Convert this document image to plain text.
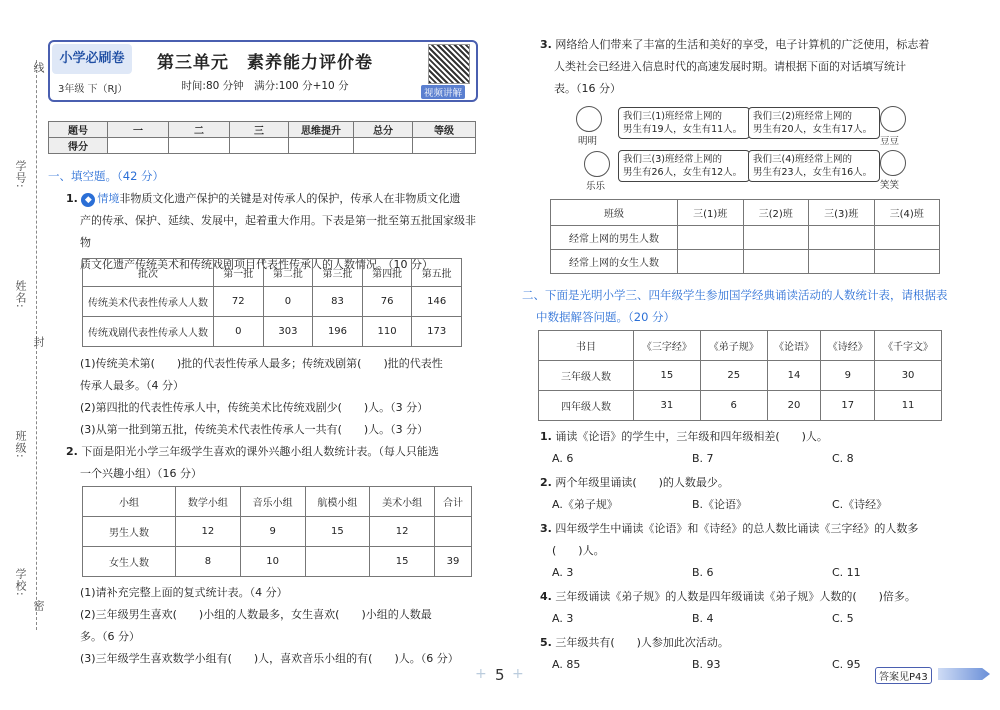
线
学号:
姓名:
封
班级:
学校:
密
小学必刷卷
3年级 下（RJ）
第三单元　素养能力评价卷
时间:80 分钟　满分:100 分+10 分
视频讲解
题号	一	二	三	思维提升	总分	等级
得分						
一、填空题。（42 分）
1. ◆ 情境非物质文化遗产保护的关键是对传承人的保护，传承人在非物质文化遗
产的传承、保护、延续、发展中，起着重大作用。下表是第一批至第五批国家级非物
质文化遗产传统美术和传统戏剧项目代表性传承人的人数情况。（10 分）
批次	第一批	第二批	第三批	第四批	第五批
传统美术代表性传承人人数	72	0	83	76	146
传统戏剧代表性传承人人数	0	303	196	110	173
(1)传统美术第(　　)批的代表性传承人最多；传统戏剧第(　　)批的代表性
传承人最多。（4 分）
(2)第四批的代表性传承人中，传统美术比传统戏剧少(　　)人。（3 分）
(3)从第一批到第五批，传统美术代表性传承人一共有(　　)人。（3 分）
2. 下面是阳光小学三年级学生喜欢的课外兴趣小组人数统计表。（每人只能选
一个兴趣小组）（16 分）
小组	数学小组	音乐小组	航模小组	美术小组	合计
男生人数	12	9	15	12	
女生人数	8	10		15	39
(1)请补充完整上面的复式统计表。（4 分）
(2)三年级男生喜欢(　　)小组的人数最多，女生喜欢(　　)小组的人数最
多。（6 分）
(3)三年级学生喜欢数学小组有(　　)人，喜欢音乐小组的有(　　)人。（6 分）
+ 5 +
3. 网络给人们带来了丰富的生活和美好的享受，电子计算机的广泛使用，标志着
人类社会已经进入信息时代的高速发展时期。请根据下面的对话填写统计
表。（16 分）
明明
我们三(1)班经常上网的
男生有19人，女生有11人。
我们三(2)班经常上网的
男生有20人，女生有17人。
豆豆
乐乐
我们三(3)班经常上网的
男生有26人，女生有12人。
我们三(4)班经常上网的
男生有23人，女生有16人。
笑笑
班级	三(1)班	三(2)班	三(3)班	三(4)班
经常上网的男生人数				
经常上网的女生人数				
二、下面是光明小学三、四年级学生参加国学经典诵读活动的人数统计表，请根据表
中数据解答问题。（20 分）
书目	《三字经》	《弟子规》	《论语》	《诗经》	《千字文》
三年级人数	15	25	14	9	30
四年级人数	31	6	20	17	11
1. 诵读《论语》的学生中，三年级和四年级相差(　　)人。
A. 6	B. 7	C. 8
2. 两个年级里诵读(　　)的人数最少。
A.《弟子规》	B.《论语》	C.《诗经》
3. 四年级学生中诵读《论语》和《诗经》的总人数比诵读《三字经》的人数多
(　　)人。
A. 3	B. 6	C. 11
4. 三年级诵读《弟子规》的人数是四年级诵读《弟子规》人数的(　　)倍多。
A. 3	B. 4	C. 5
5. 三年级共有(　　)人参加此次活动。
A. 85	B. 93	C. 95
答案见P43
